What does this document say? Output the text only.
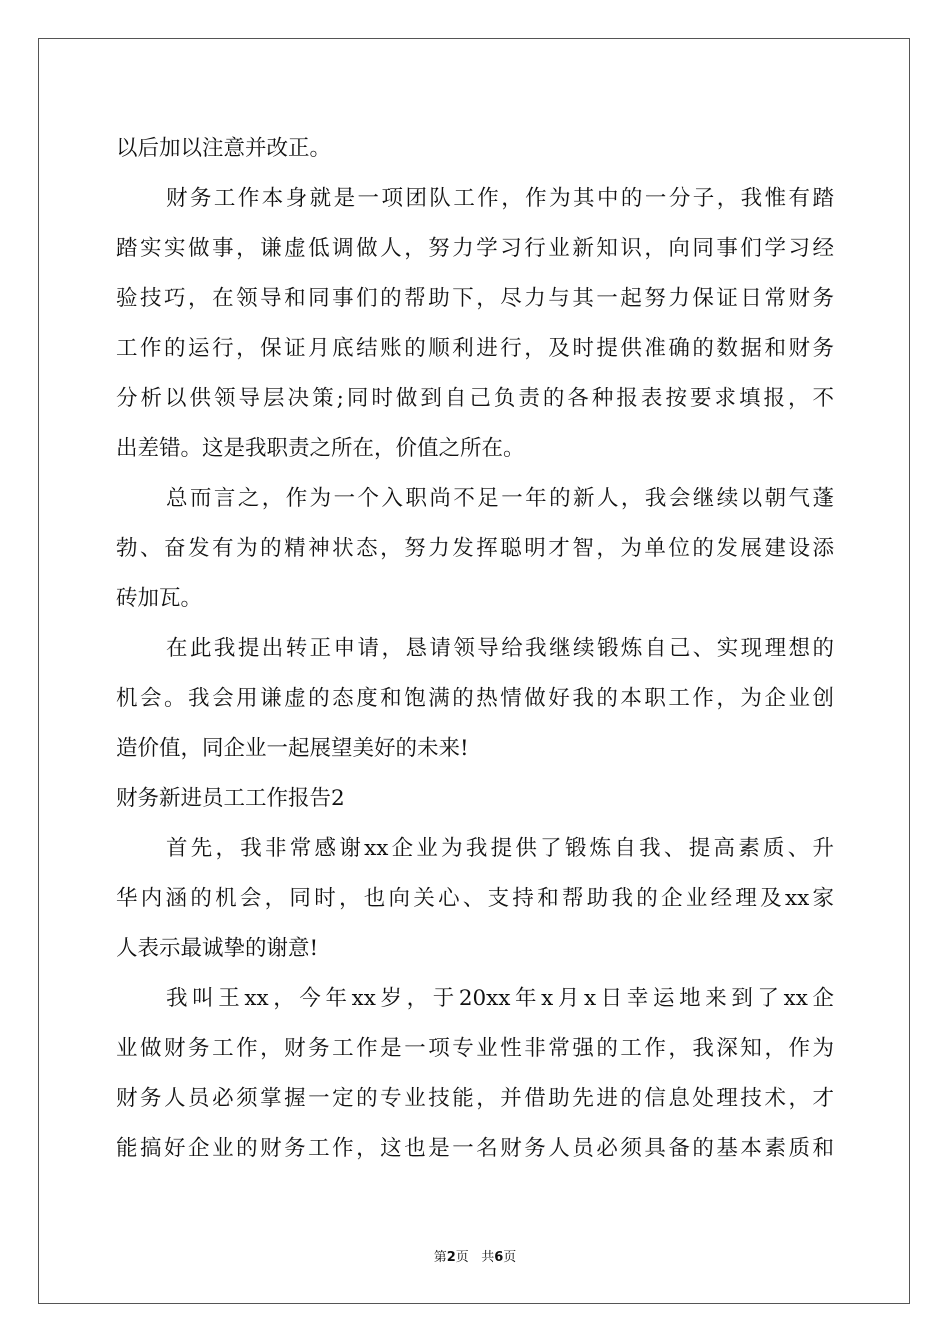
以后加以注意并改正。
财务工作本身就是一项团队工作，作为其中的一分子，我惟有踏
踏实实做事，谦虚低调做人，努力学习行业新知识，向同事们学习经
验技巧，在领导和同事们的帮助下，尽力与其一起努力保证日常财务
工作的运行，保证月底结账的顺利进行，及时提供准确的数据和财务
分析以供领导层决策;同时做到自己负责的各种报表按要求填报，不
出差错。这是我职责之所在，价值之所在。
总而言之，作为一个入职尚不足一年的新人，我会继续以朝气蓬
勃、奋发有为的精神状态，努力发挥聪明才智，为单位的发展建设添
砖加瓦。
在此我提出转正申请，恳请领导给我继续锻炼自己、实现理想的
机会。我会用谦虚的态度和饱满的热情做好我的本职工作，为企业创
造价值，同企业一起展望美好的未来!
财务新进员工工作报告2
首先，我非常感谢xx企业为我提供了锻炼自我、提高素质、升
华内涵的机会，同时，也向关心、支持和帮助我的企业经理及xx家
人表示最诚挚的谢意!
我叫王xx，今年xx岁，于20xx年x月x日幸运地来到了xx企
业做财务工作，财务工作是一项专业性非常强的工作，我深知，作为
财务人员必须掌握一定的专业技能，并借助先进的信息处理技术，才
能搞好企业的财务工作，这也是一名财务人员必须具备的基本素质和
第2页 共6页
